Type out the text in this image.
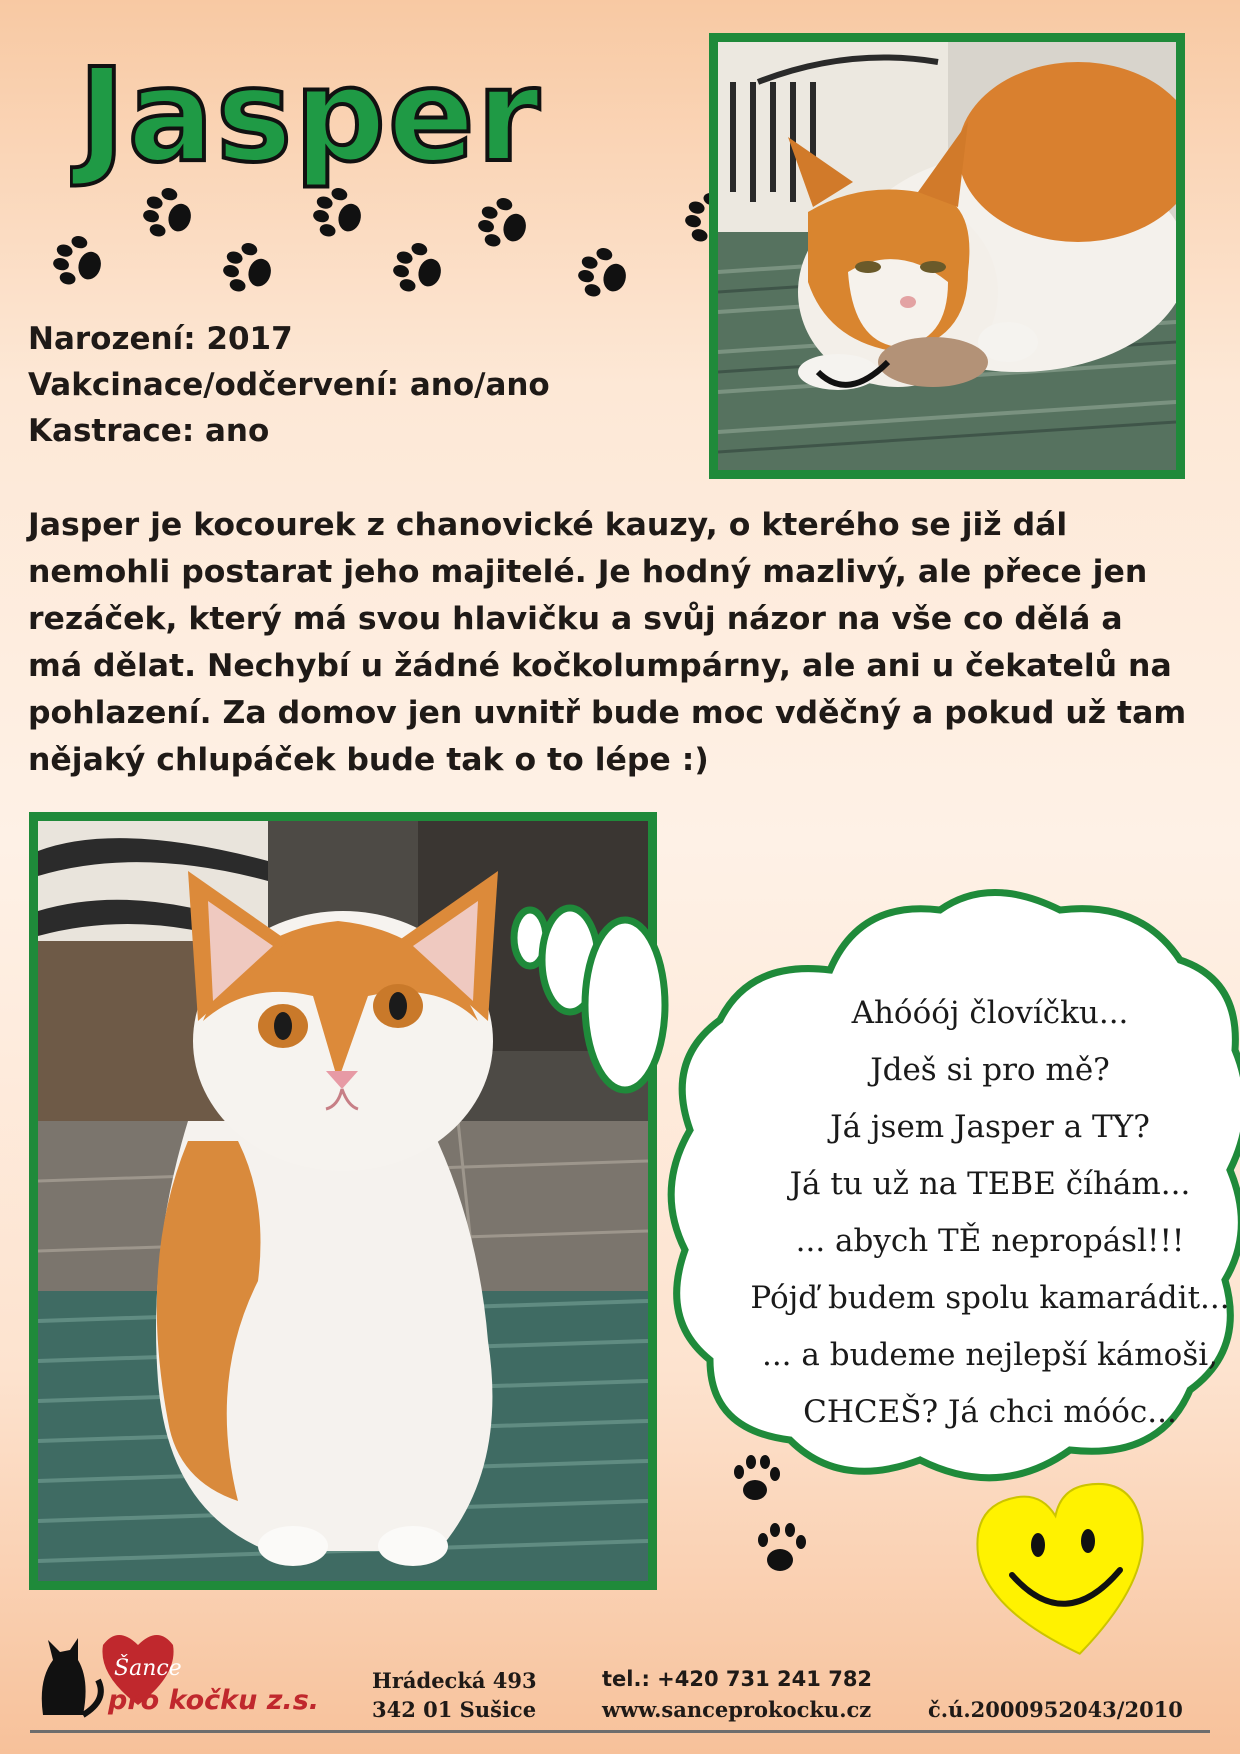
Jasper
Narození: 2017
Vakcinace/odčervení: ano/ano
Kastrace: ano
Jasper je kocourek z chanovické kauzy, o kterého se již dál
nemohli postarat jeho majitelé. Je hodný mazlivý, ale přece jen
rezáček, který má svou hlavičku a svůj názor na vše co dělá a
má dělat. Nechybí u žádné kočkolumpárny, ale ani u čekatelů na
pohlazení. Za domov jen uvnitř bude moc vděčný a pokud už tam
nějaký chlupáček bude tak o to lépe :)
Ahóóój človíčku...
Jdeš si pro mě?
Já jsem Jasper a TY?
Já tu už na TEBE číhám...
... abych TĚ nepropásl!!!
Pójď budem spolu kamarádit...
... a budeme nejlepší kámoši,
CHCEŠ? Já chci móóc...
Šance
pro kočku z.s.
Hrádecká 493
342 01 Sušice
tel.: +420 731 241 782
www.sanceprokocku.cz	č.ú.2000952043/2010
